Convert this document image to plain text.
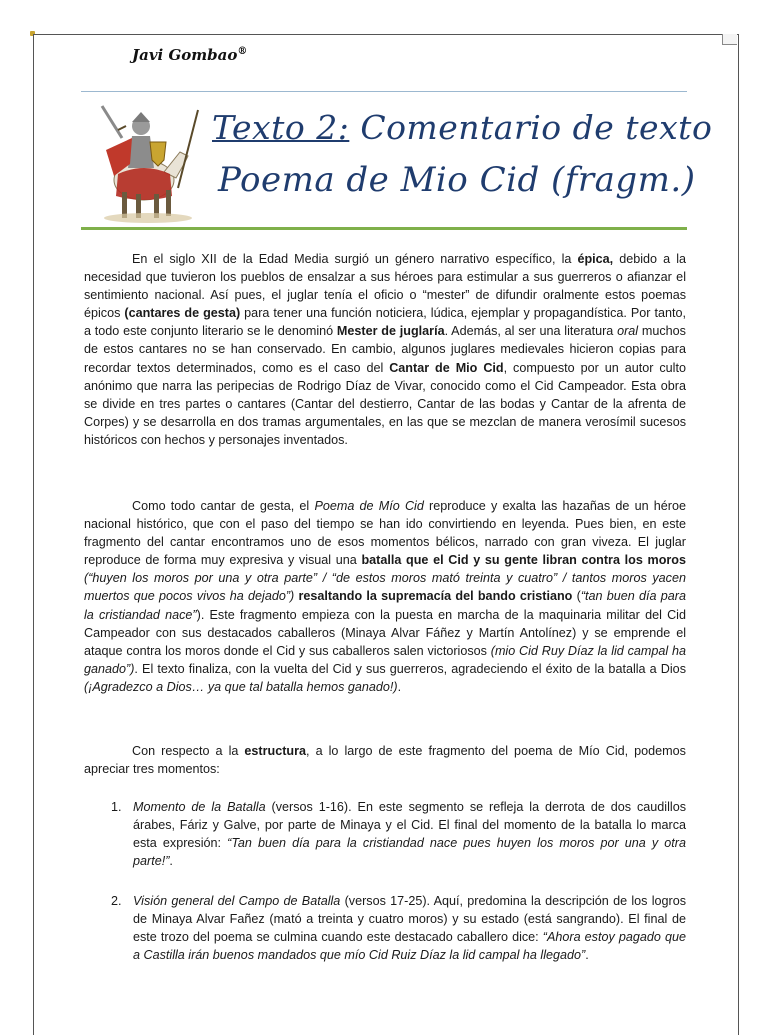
Javi Gombao®
Texto 2: Comentario de texto
Poema de Mio Cid (fragm.)

En el siglo XII de la Edad Media surgió un género narrativo específico, la épica, debido a la necesidad que tuvieron los pueblos de ensalzar a sus héroes para estimular a sus guerreros o afianzar el sentimiento nacional. Así pues, el juglar tenía el oficio o “mester” de difundir oralmente estos poemas épicos (cantares de gesta) para tener una función noticiera, lúdica, ejemplar y propagandística. Por tanto, a todo este conjunto literario se le denominó Mester de juglaría. Además, al ser una literatura oral muchos de estos cantares no se han conservado. En cambio, algunos juglares medievales hicieron copias para recordar textos determinados, como es el caso del Cantar de Mio Cid, compuesto por un autor culto anónimo que narra las peripecias de Rodrigo Díaz de Vivar, conocido como el Cid Campeador. Esta obra se divide en tres partes o cantares (Cantar del destierro, Cantar de las bodas y Cantar de la afrenta de Corpes) y se desarrolla en dos tramas argumentales, en las que se mezclan de manera verosímil sucesos históricos con hechos y personajes inventados.

Como todo cantar de gesta, el Poema de Mío Cid reproduce y exalta las hazañas de un héroe nacional histórico, que con el paso del tiempo se han ido convirtiendo en leyenda. Pues bien, en este fragmento del cantar encontramos uno de esos momentos bélicos, narrado con gran viveza. El juglar reproduce de forma muy expresiva y visual una batalla que el Cid y su gente libran contra los moros (“huyen los moros por una y otra parte” / “de estos moros mató treinta y cuatro” / tantos moros yacen muertos que pocos vivos ha dejado”) resaltando la supremacía del bando cristiano (“tan buen día para la cristiandad nace”). Este fragmento empieza con la puesta en marcha de la maquinaria militar del Cid Campeador con sus destacados caballeros (Minaya Alvar Fáñez y Martín Antolínez) y se emprende el ataque contra los moros donde el Cid y sus caballeros salen victoriosos (mio Cid Ruy Díaz la lid campal ha ganado”). El texto finaliza, con la vuelta del Cid y sus guerreros, agradeciendo el éxito de la batalla a Dios (¡Agradezco a Dios… ya que tal batalla hemos ganado!).

Con respecto a la estructura, a lo largo de este fragmento del poema de Mío Cid, podemos apreciar tres momentos:

1. Momento de la Batalla (versos 1-16). En este segmento se refleja la derrota de dos caudillos árabes, Fáriz y Galve, por parte de Minaya y el Cid. El final del momento de la batalla lo marca esta expresión: “Tan buen día para la cristiandad nace pues huyen los moros por una y otra parte!”.
2. Visión general del Campo de Batalla (versos 17-25). Aquí, predomina la descripción de los logros de Minaya Alvar Fañez (mató a treinta y cuatro moros) y su estado (está sangrando). El final de este trozo del poema se culmina cuando este destacado caballero dice: “Ahora estoy pagado que a Castilla irán buenos mandados que mío Cid Ruiz Díaz la lid campal ha llegado”.
